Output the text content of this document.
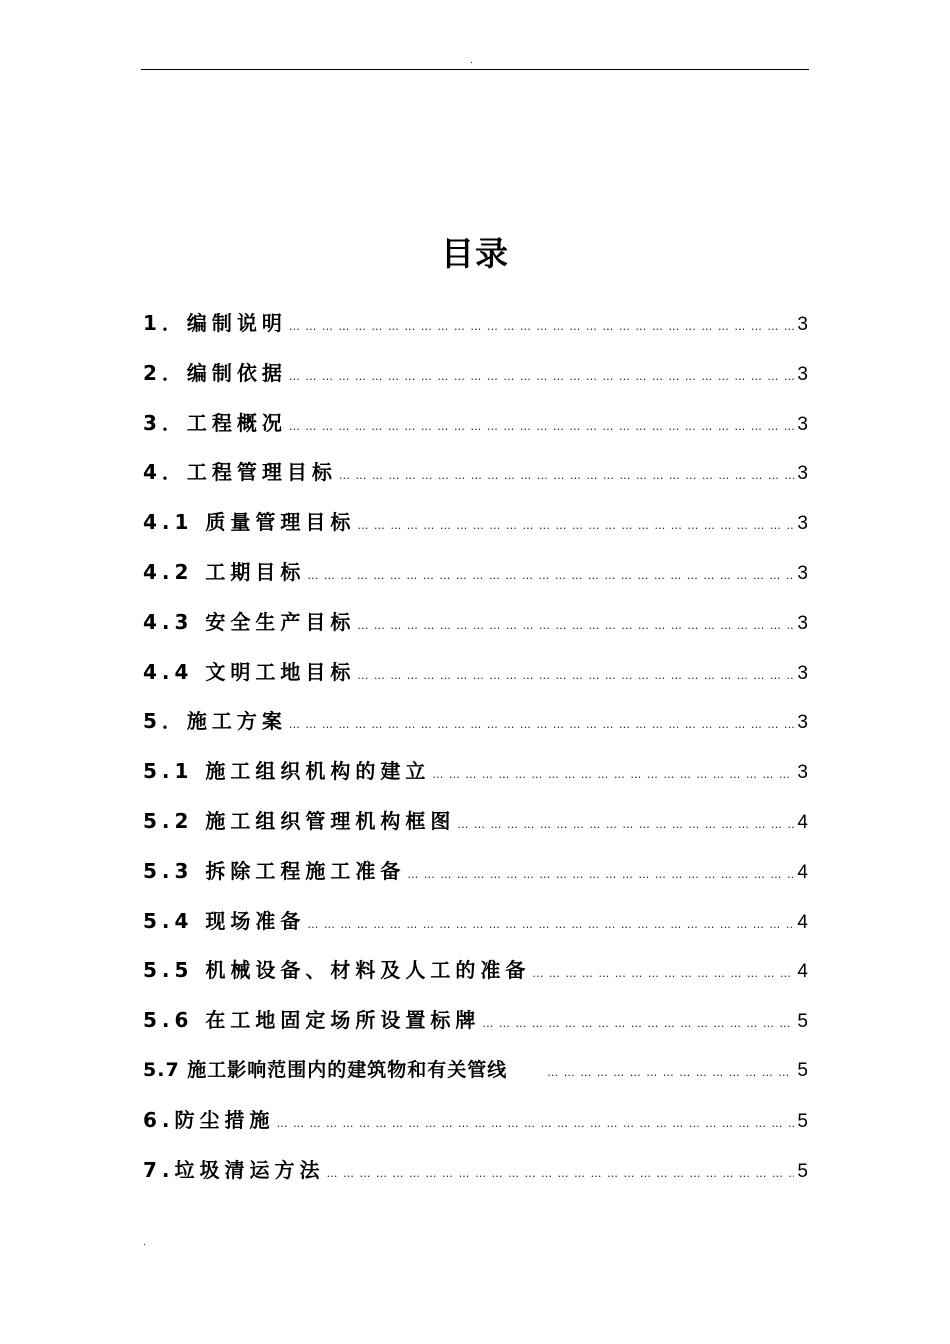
.
目录
1．编制说明 … … … … … … … … … … … … … … … … … … … … … … … … … … … … … … … … … … … … … … … … … … … … … … … … … … …	3
2．编制依据 … … … … … … … … … … … … … … … … … … … … … … … … … … … … … … … … … … … … … … … … … … … … … … … … … … …	3
3．工程概况 … … … … … … … … … … … … … … … … … … … … … … … … … … … … … … … … … … … … … … … … … … … … … … … … … … …	3
4．工程管理目标 … … … … … … … … … … … … … … … … … … … … … … … … … … … … … … … … … … … … … … … … … … … … … … … … … … …	3
4.1 质量管理目标 … … … … … … … … … … … … … … … … … … … … … … … … … … … … … … … … … … … … … … … … … … … … … … … … … … …	3
4.2 工期目标 … … … … … … … … … … … … … … … … … … … … … … … … … … … … … … … … … … … … … … … … … … … … … … … … … … …	3
4.3 安全生产目标 … … … … … … … … … … … … … … … … … … … … … … … … … … … … … … … … … … … … … … … … … … … … … … … … … … …	3
4.4 文明工地目标 … … … … … … … … … … … … … … … … … … … … … … … … … … … … … … … … … … … … … … … … … … … … … … … … … … …	3
5．施工方案 … … … … … … … … … … … … … … … … … … … … … … … … … … … … … … … … … … … … … … … … … … … … … … … … … … …	3
5.1 施工组织机构的建立 … … … … … … … … … … … … … … … … … … … … … … … … … … … … … … … … … … … … … … … … … … … … … … … … … … …	3
5.2 施工组织管理机构框图 … … … … … … … … … … … … … … … … … … … … … … … … … … … … … … … … … … … … … … … … … … … … … … … … … … …	4
5.3 拆除工程施工准备 … … … … … … … … … … … … … … … … … … … … … … … … … … … … … … … … … … … … … … … … … … … … … … … … … … …	4
5.4 现场准备 … … … … … … … … … … … … … … … … … … … … … … … … … … … … … … … … … … … … … … … … … … … … … … … … … … …	4
5.5 机械设备、材料及人工的准备 … … … … … … … … … … … … … … … … … … … … … … … … … … … … … … … … … … … … … … … … … … … … … … … … … … …	4
5.6 在工地固定场所设置标牌 … … … … … … … … … … … … … … … … … … … … … … … … … … … … … … … … … … … … … … … … … … … … … … … … … … …	5
5.7 施工影响范围内的建筑物和有关管线 … … … … … … … … … … … … … … … … … … … … … … … … … … … … … … … … … … … … … … … … … … … … … … … … … … …	5
6.防尘措施 … … … … … … … … … … … … … … … … … … … … … … … … … … … … … … … … … … … … … … … … … … … … … … … … … … …	5
7.垃圾清运方法 … … … … … … … … … … … … … … … … … … … … … … … … … … … … … … … … … … … … … … … … … … … … … … … … … … …	5
.
